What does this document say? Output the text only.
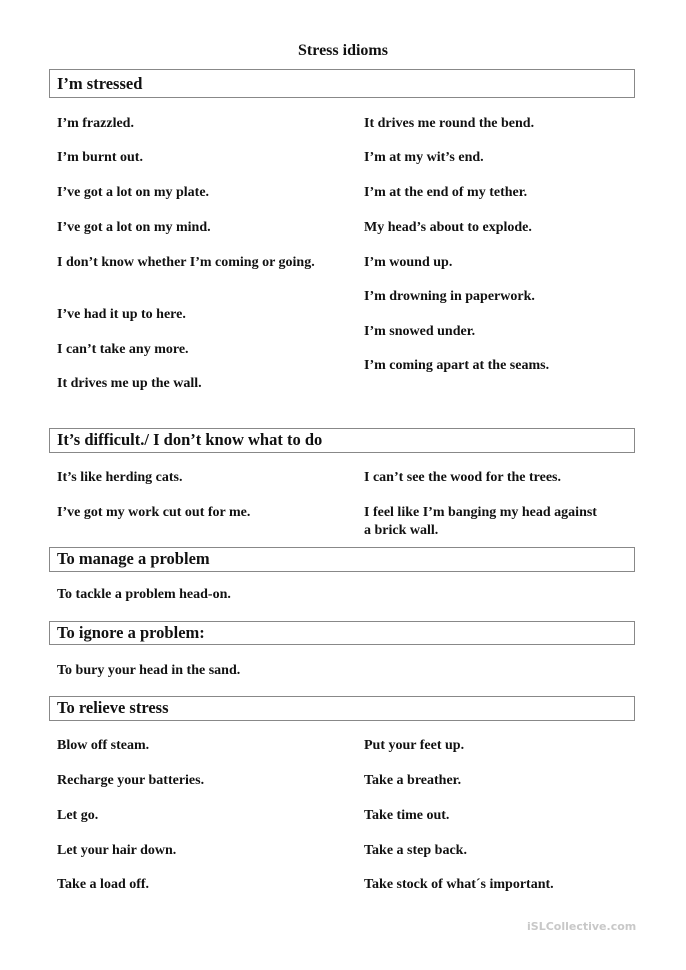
Stress idioms
I’m stressed
I’m frazzled.
I’m burnt out.
I’ve got a lot on my plate.
I’ve got a lot on my mind.
I don’t know whether I’m coming or going.
I’ve had it up to here.
I can’t take any more.
It drives me up the wall.
It drives me round the bend.
I’m at my wit’s end.
I’m at the end of my tether.
My head’s about to explode.
I’m wound up.
I’m drowning in paperwork.
I’m snowed under.
I’m coming apart at the seams.
It’s difficult./ I don’t know what to do
It’s like herding cats.
I’ve got my work cut out for me.
I can’t see the wood for the trees.
I feel like I’m banging my head against a brick wall.
To manage a problem
To tackle a problem head-on.
To ignore a problem:
To bury your head in the sand.
To relieve stress
Blow off steam.
Recharge your batteries.
Let go.
Let your hair down.
Take a load off.
Put your feet up.
Take a breather.
Take time out.
Take a step back.
Take stock of what´s important.
iSLCollective.com
